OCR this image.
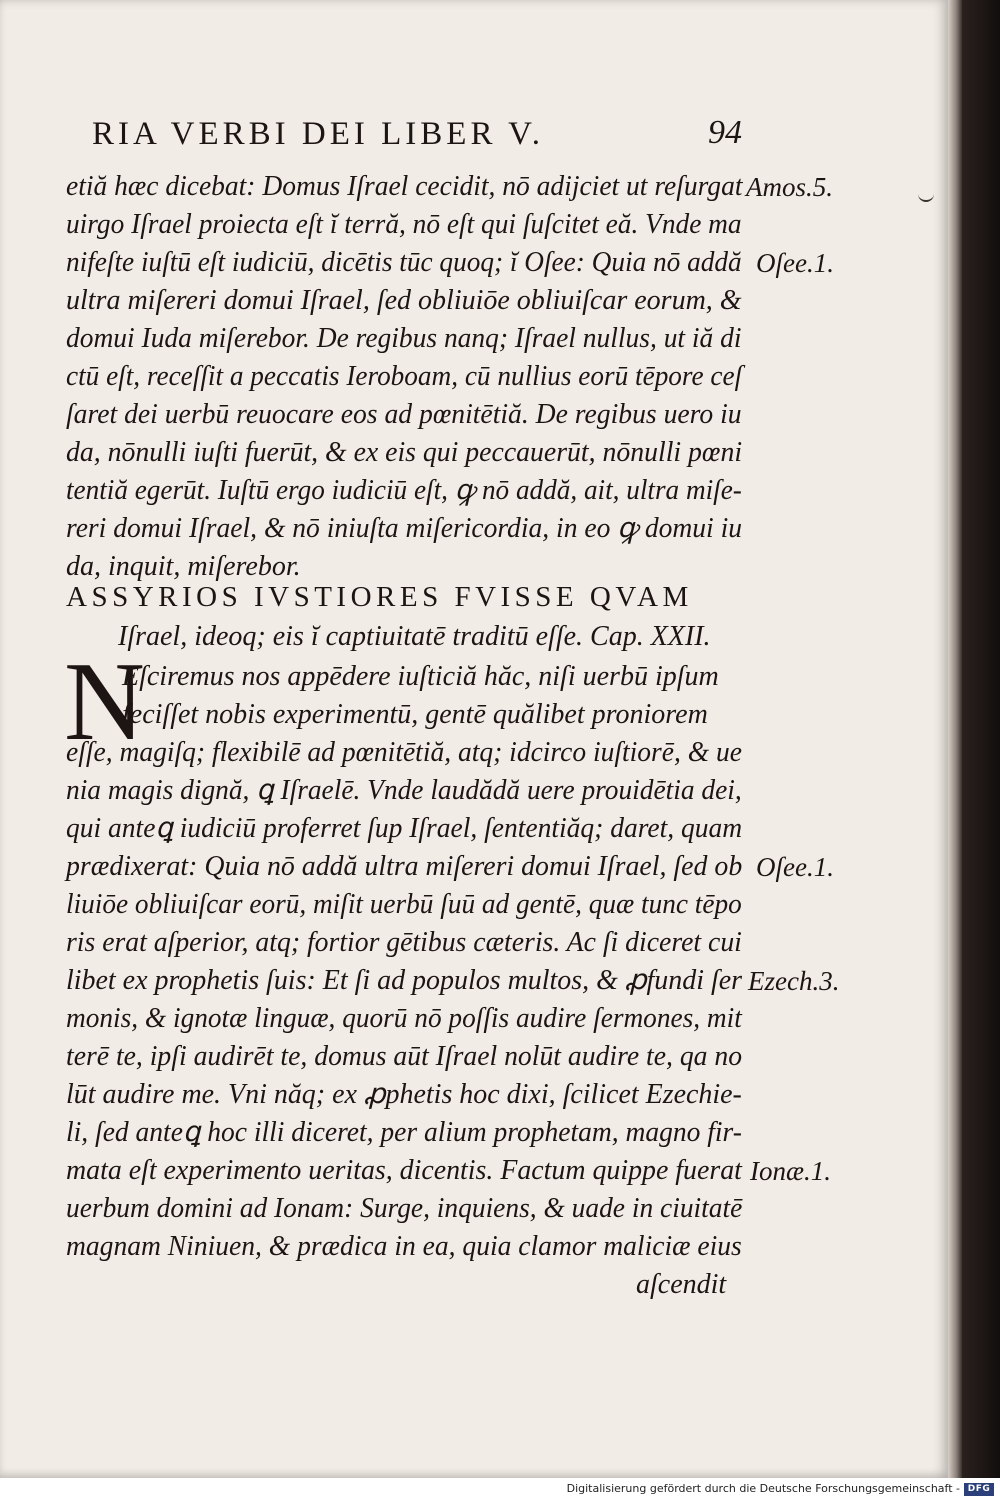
RIA VERBI DEI LIBER V.	94
etiă hæc dicebat: Domus Iſrael cecidit, nō adijciet ut reſurgat
uirgo Iſrael proiecta eſt ĭ terră, nō eſt qui ſuſcitet eă. Vnde ma
nifeſte iuſtū eſt iudiciū, dicētis tūc quoq; ĭ Oſee: Quia nō addă
ultra miſereri domui Iſrael, ſed obliuiōe obliuiſcar eorum, &
domui Iuda miſerebor. De regibus nanq; Iſrael nullus, ut iă di
ctū eſt, receſſit a peccatis Ieroboam, cū nullius eorū tēpore ceſ
ſaret dei uerbū reuocare eos ad pœnitētiă. De regibus uero iu
da, nōnulli iuſti fuerūt, & ex eis qui peccauerūt, nōnulli pœni
tentiă egerūt. Iuſtū ergo iudiciū eſt, ꝙ nō addă, ait, ultra miſe-
reri domui Iſrael, & nō iniuſta miſericordia, in eo ꝙ domui iu
da, inquit, miſerebor.
ASSYRIOS IVSTIORES FVISSE QVAM
Iſrael, ideoq; eis ĭ captiuitatē traditū eſſe. Cap. XXII.
N
Eſciremus nos appēdere iuſticiă hăc, niſi uerbū ipſum
feciſſet nobis experimentū, gentē quălibet proniorem
eſſe, magiſq; flexibilē ad pœnitētiă, atq; idcirco iuſtiorē, & ue
nia magis dignă, ꝗ Iſraelē. Vnde laudădă uere prouidētia dei,
qui anteꝗ iudiciū proferret ſup Iſrael, ſententiăq; daret, quam
prædixerat: Quia nō addă ultra miſereri domui Iſrael, ſed ob
liuiōe obliuiſcar eorū, miſit uerbū ſuū ad gentē, quæ tunc tēpo
ris erat aſperior, atq; fortior gētibus cæteris. Ac ſi diceret cui
libet ex prophetis ſuis: Et ſi ad populos multos, & ꝓfundi ſer
monis, & ignotæ linguæ, quorū nō poſſis audire ſermones, mit
terē te, ipſi audirēt te, domus aūt Iſrael nolūt audire te, qa no
lūt audire me. Vni năq; ex ꝓphetis hoc dixi, ſcilicet Ezechie-
li, ſed anteꝗ hoc illi diceret, per alium prophetam, magno fir-
mata eſt experimento ueritas, dicentis. Factum quippe fuerat
uerbum domini ad Ionam: Surge, inquiens, & uade in ciuitatē
magnam Niniuen, & prædica in ea, quia clamor maliciæ eius
aſcendit
Amos.5.
Oſee.1.
Oſee.1.
Ezech.3.
Ionæ.1.
Digitalisierung gefördert durch die Deutsche Forschungsgemeinschaft - DFG
